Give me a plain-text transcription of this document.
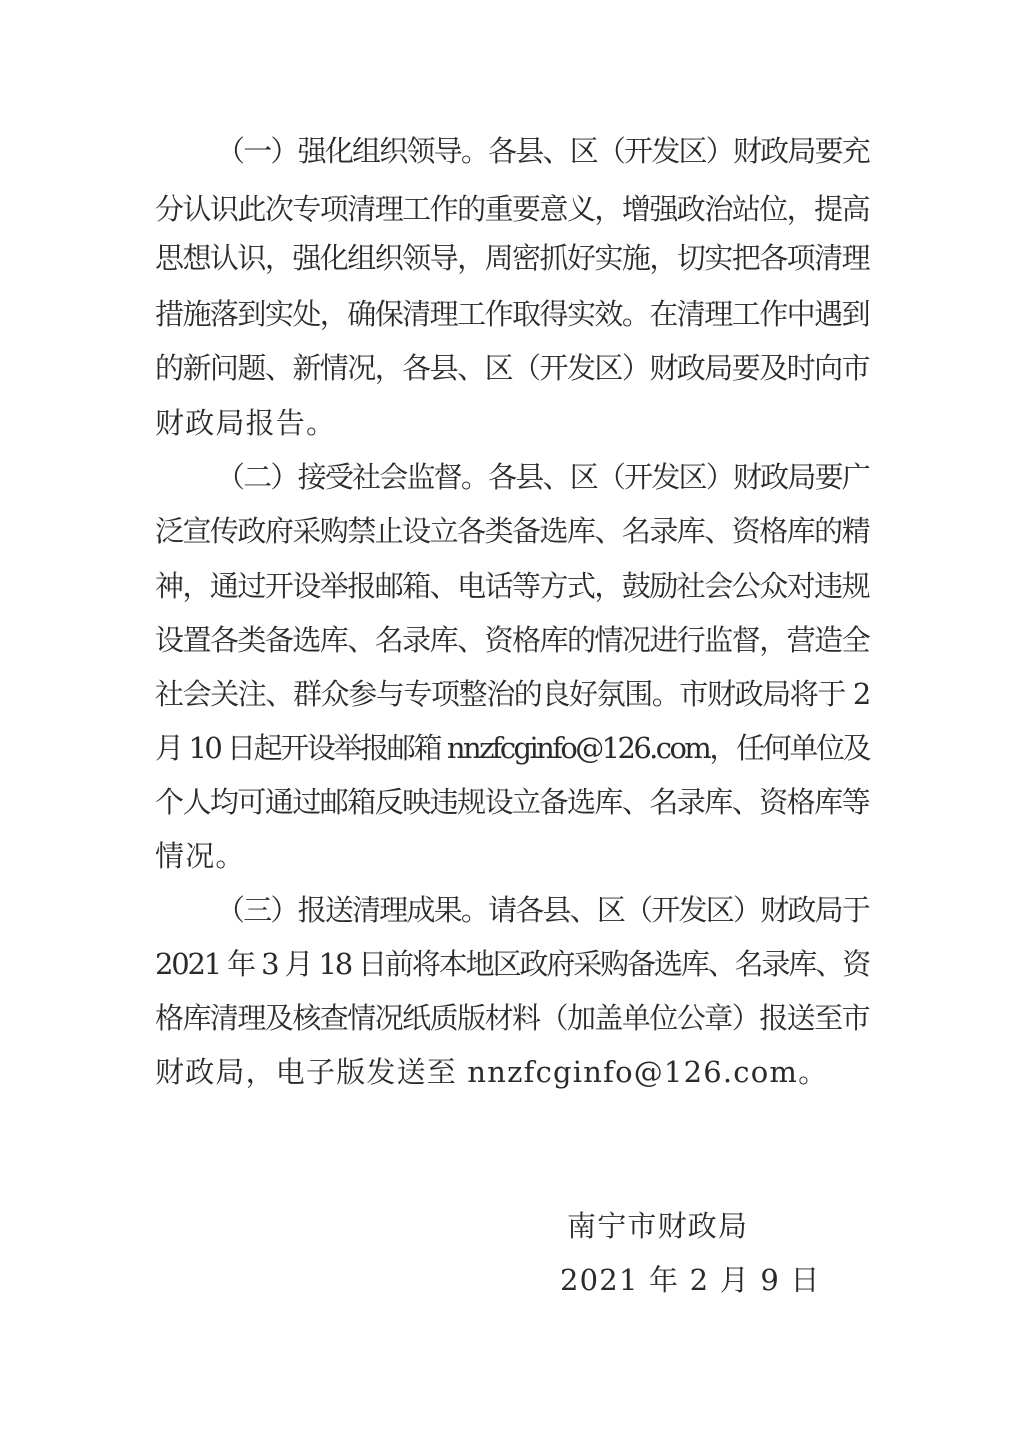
（一）强化组织领导。各县、区（开发区）财政局要充
分认识此次专项清理工作的重要意义，增强政治站位，提高
思想认识，强化组织领导，周密抓好实施，切实把各项清理
措施落到实处，确保清理工作取得实效。在清理工作中遇到
的新问题、新情况，各县、区（开发区）财政局要及时向市
财政局报告。
（二）接受社会监督。各县、区（开发区）财政局要广
泛宣传政府采购禁止设立各类备选库、名录库、资格库的精
神，通过开设举报邮箱、电话等方式，鼓励社会公众对违规
设置各类备选库、名录库、资格库的情况进行监督，营造全
社会关注、群众参与专项整治的良好氛围。市财政局将于 2
月 10 日起开设举报邮箱 nnzfcginfo@126.com，任何单位及
个人均可通过邮箱反映违规设立备选库、名录库、资格库等
情况。
（三）报送清理成果。请各县、区（开发区）财政局于
2021 年 3 月 18 日前将本地区政府采购备选库、名录库、资
格库清理及核查情况纸质版材料（加盖单位公章）报送至市
财政局，电子版发送至 nnzfcginfo@126.com。
南宁市财政局
2021 年 2 月 9 日
